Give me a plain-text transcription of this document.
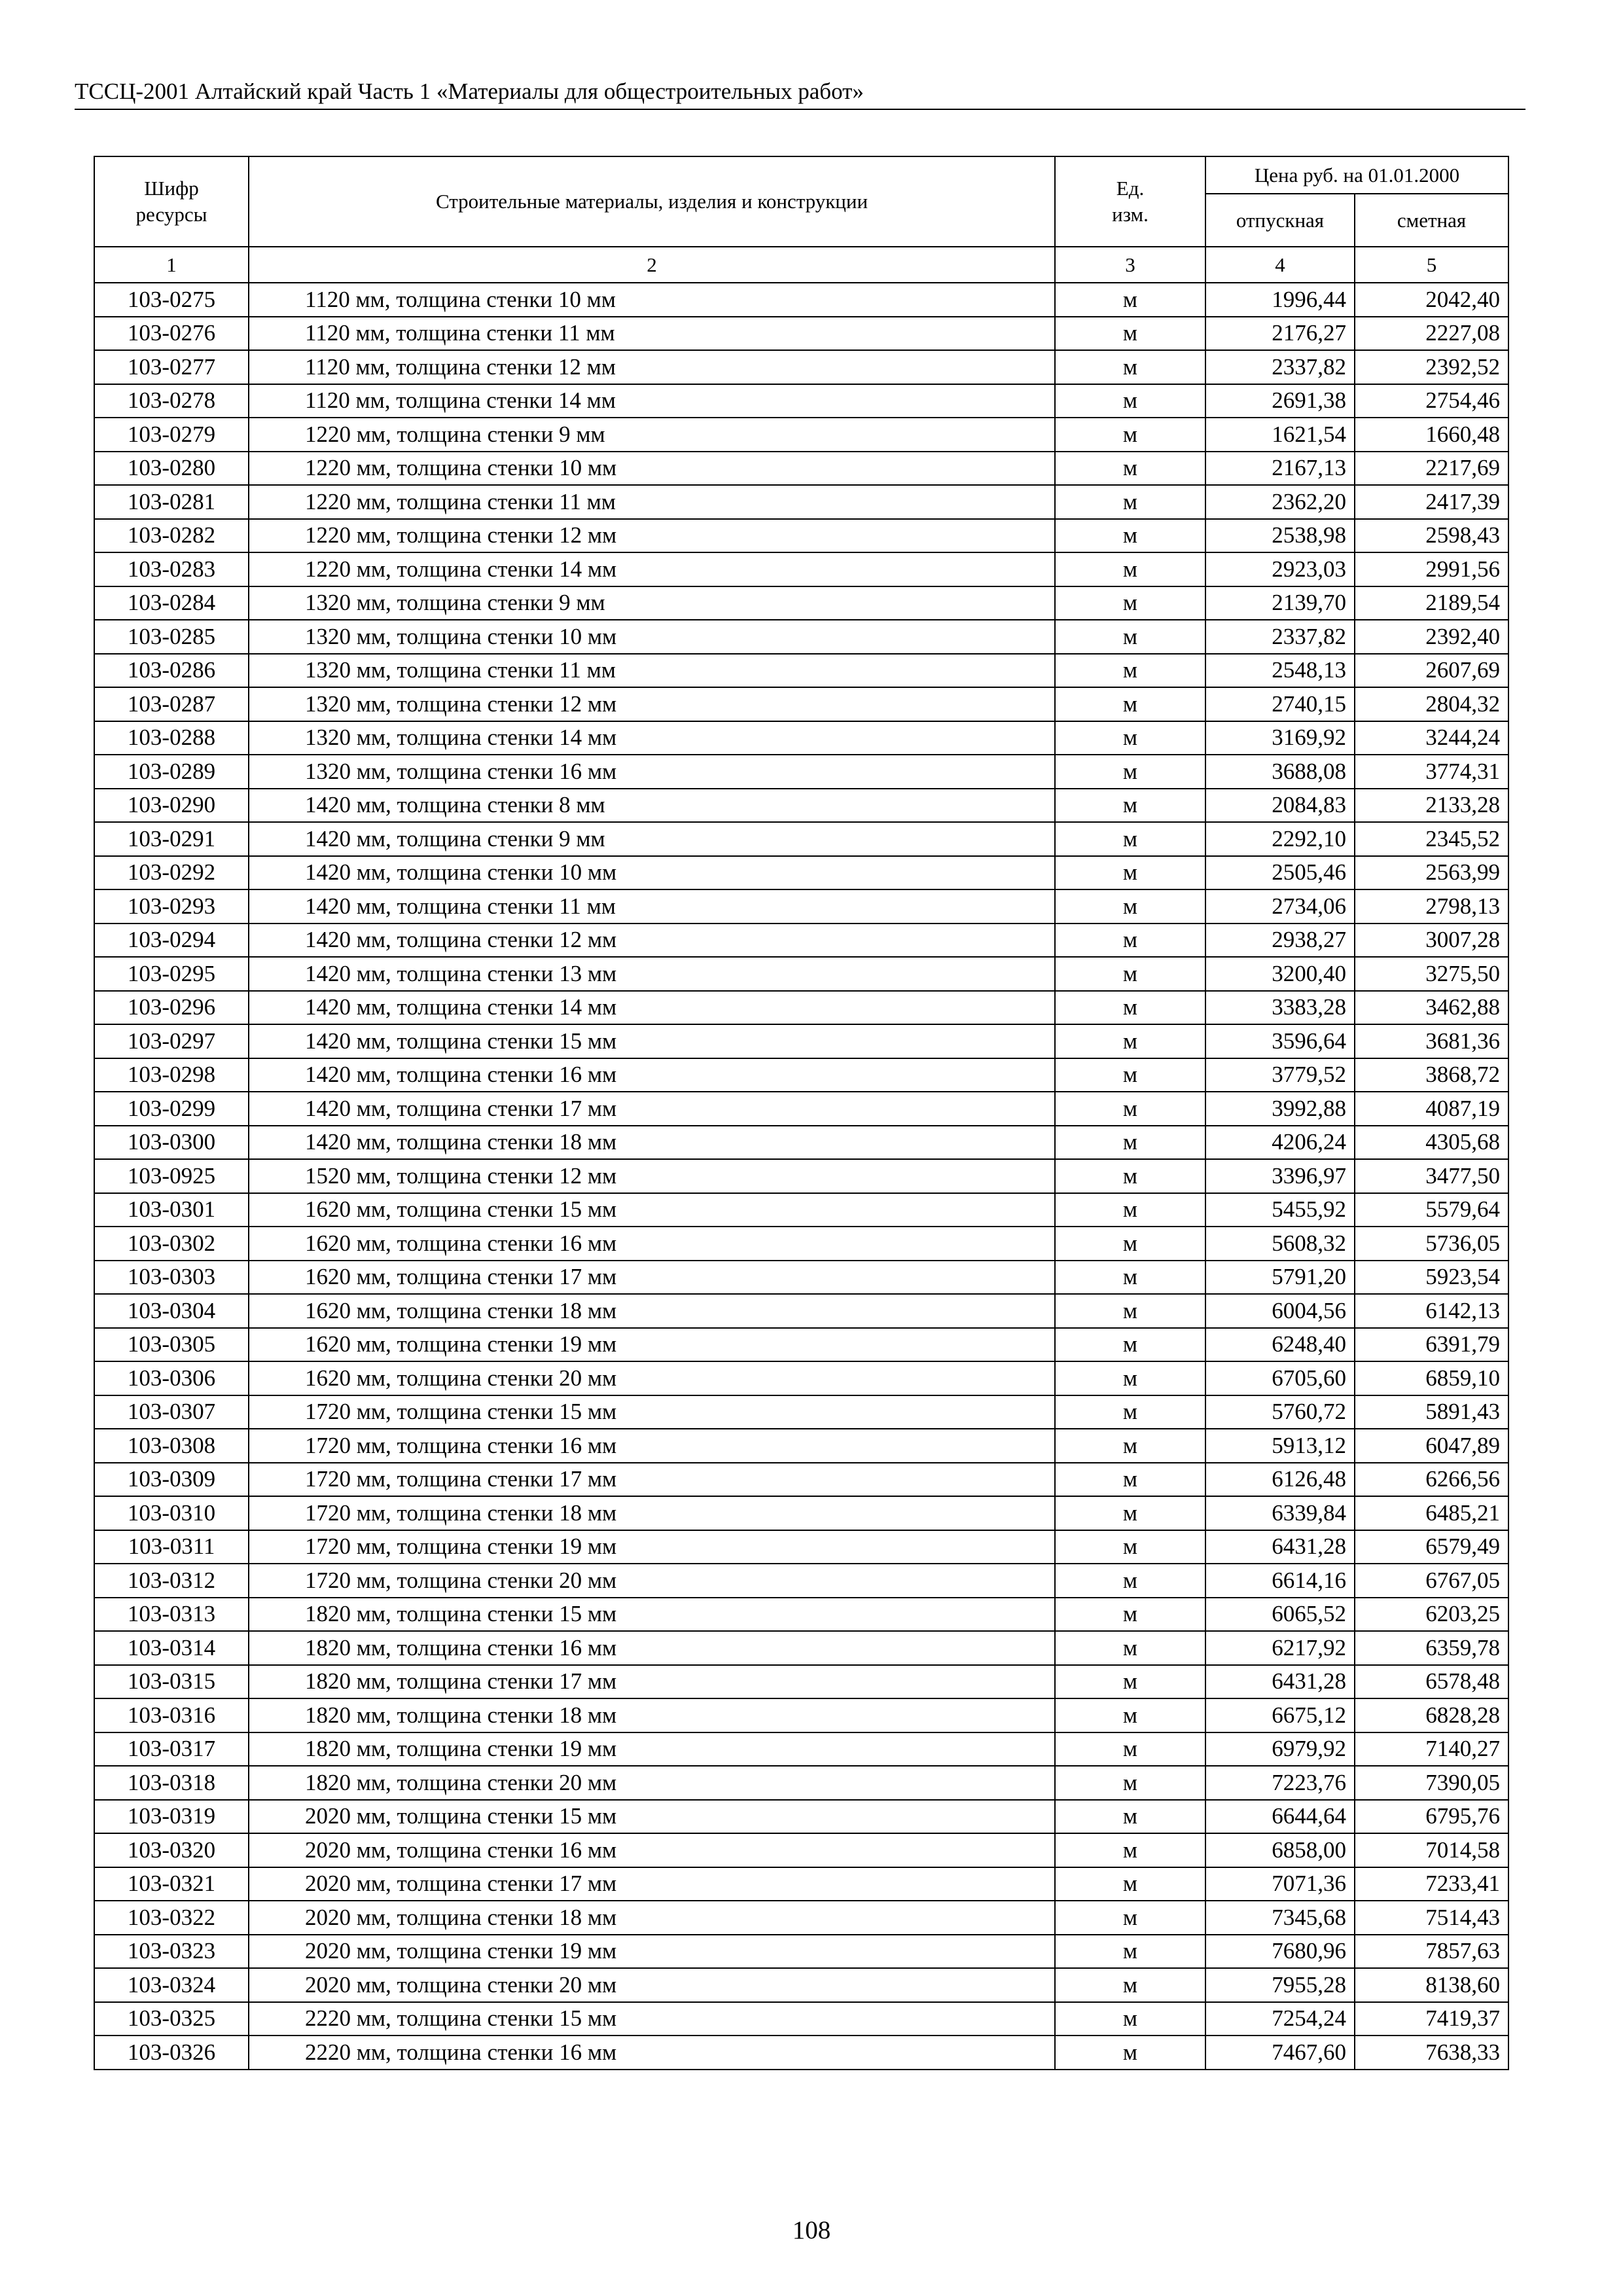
ТССЦ-2001 Алтайский край Часть 1 «Материалы для общестроительных работ»
Шифр ресурсы	Строительные материалы, изделия и конструкции	Ед. изм.	Цена руб. на 01.01.2000	
			отпускная	сметная
1	2	3	4	5
103-0275	1120 мм, толщина стенки 10 мм	м	1996,44	2042,40
103-0276	1120 мм, толщина стенки 11 мм	м	2176,27	2227,08
103-0277	1120 мм, толщина стенки 12 мм	м	2337,82	2392,52
103-0278	1120 мм, толщина стенки 14 мм	м	2691,38	2754,46
103-0279	1220 мм, толщина стенки 9 мм	м	1621,54	1660,48
103-0280	1220 мм, толщина стенки 10 мм	м	2167,13	2217,69
103-0281	1220 мм, толщина стенки 11 мм	м	2362,20	2417,39
103-0282	1220 мм, толщина стенки 12 мм	м	2538,98	2598,43
103-0283	1220 мм, толщина стенки 14 мм	м	2923,03	2991,56
103-0284	1320 мм, толщина стенки 9 мм	м	2139,70	2189,54
103-0285	1320 мм, толщина стенки 10 мм	м	2337,82	2392,40
103-0286	1320 мм, толщина стенки 11 мм	м	2548,13	2607,69
103-0287	1320 мм, толщина стенки 12 мм	м	2740,15	2804,32
103-0288	1320 мм, толщина стенки 14 мм	м	3169,92	3244,24
103-0289	1320 мм, толщина стенки 16 мм	м	3688,08	3774,31
103-0290	1420 мм, толщина стенки 8 мм	м	2084,83	2133,28
103-0291	1420 мм, толщина стенки 9 мм	м	2292,10	2345,52
103-0292	1420 мм, толщина стенки 10 мм	м	2505,46	2563,99
103-0293	1420 мм, толщина стенки 11 мм	м	2734,06	2798,13
103-0294	1420 мм, толщина стенки 12 мм	м	2938,27	3007,28
103-0295	1420 мм, толщина стенки 13 мм	м	3200,40	3275,50
103-0296	1420 мм, толщина стенки 14 мм	м	3383,28	3462,88
103-0297	1420 мм, толщина стенки 15 мм	м	3596,64	3681,36
103-0298	1420 мм, толщина стенки 16 мм	м	3779,52	3868,72
103-0299	1420 мм, толщина стенки 17 мм	м	3992,88	4087,19
103-0300	1420 мм, толщина стенки 18 мм	м	4206,24	4305,68
103-0925	1520 мм, толщина стенки 12 мм	м	3396,97	3477,50
103-0301	1620 мм, толщина стенки 15 мм	м	5455,92	5579,64
103-0302	1620 мм, толщина стенки 16 мм	м	5608,32	5736,05
103-0303	1620 мм, толщина стенки 17 мм	м	5791,20	5923,54
103-0304	1620 мм, толщина стенки 18 мм	м	6004,56	6142,13
103-0305	1620 мм, толщина стенки 19 мм	м	6248,40	6391,79
103-0306	1620 мм, толщина стенки 20 мм	м	6705,60	6859,10
103-0307	1720 мм, толщина стенки 15 мм	м	5760,72	5891,43
103-0308	1720 мм, толщина стенки 16 мм	м	5913,12	6047,89
103-0309	1720 мм, толщина стенки 17 мм	м	6126,48	6266,56
103-0310	1720 мм, толщина стенки 18 мм	м	6339,84	6485,21
103-0311	1720 мм, толщина стенки 19 мм	м	6431,28	6579,49
103-0312	1720 мм, толщина стенки 20 мм	м	6614,16	6767,05
103-0313	1820 мм, толщина стенки 15 мм	м	6065,52	6203,25
103-0314	1820 мм, толщина стенки 16 мм	м	6217,92	6359,78
103-0315	1820 мм, толщина стенки 17 мм	м	6431,28	6578,48
103-0316	1820 мм, толщина стенки 18 мм	м	6675,12	6828,28
103-0317	1820 мм, толщина стенки 19 мм	м	6979,92	7140,27
103-0318	1820 мм, толщина стенки 20 мм	м	7223,76	7390,05
103-0319	2020 мм, толщина стенки 15 мм	м	6644,64	6795,76
103-0320	2020 мм, толщина стенки 16 мм	м	6858,00	7014,58
103-0321	2020 мм, толщина стенки 17 мм	м	7071,36	7233,41
103-0322	2020 мм, толщина стенки 18 мм	м	7345,68	7514,43
103-0323	2020 мм, толщина стенки 19 мм	м	7680,96	7857,63
103-0324	2020 мм, толщина стенки 20 мм	м	7955,28	8138,60
103-0325	2220 мм, толщина стенки 15 мм	м	7254,24	7419,37
103-0326	2220 мм, толщина стенки 16 мм	м	7467,60	7638,33
108
